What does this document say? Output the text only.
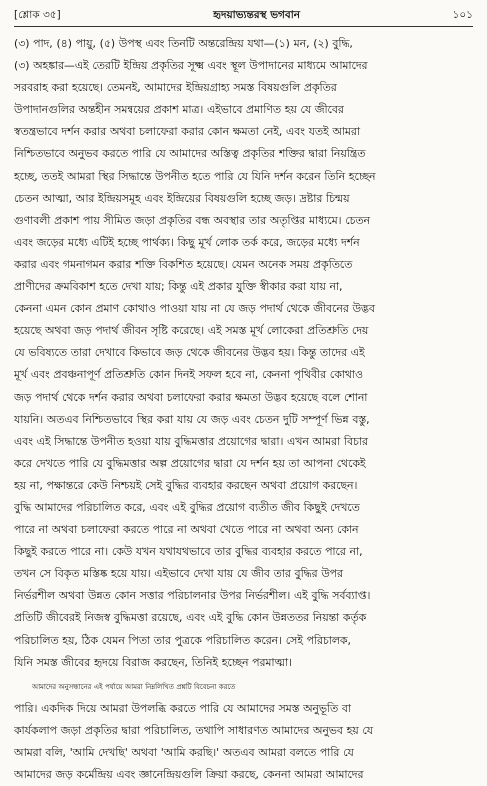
[শ্লোক ৩৫]	হৃদয়াভ্যন্তরস্থ ভগবান	১০১

(৩) পাদ, (৪) পায়ু, (৫) উপস্থ এবং তিনটি অন্তরেন্দ্রিয় যথা—(১) মন, (২) বুদ্ধি,
(৩) অহঙ্কার—এই তেরটি ইন্দ্রিয় প্রকৃতির সূক্ষ্ম এবং স্থূল উপাদানের মাধ্যমে আমাদের
সরবরাহ করা হয়েছে। তেমনই, আমাদের ইন্দ্রিয়গ্রাহ্য সমস্ত বিষয়গুলি প্রকৃতির
উপাদানগুলির অন্তহীন সমন্বয়ের প্রকাশ মাত্র। এইভাবে প্রমাণিত হয় যে জীবের
স্বতন্ত্রভাবে দর্শন করার অথবা চলাফেরা করার কোন ক্ষমতা নেই, এবং যতই আমরা
নিশ্চিতভাবে অনুভব করতে পারি যে আমাদের অস্তিত্ব প্রকৃতির শক্তির দ্বারা নিয়ন্ত্রিত
হচ্ছে, ততই আমরা স্থির সিদ্ধান্তে উপনীত হতে পারি যে যিনি দর্শন করেন তিনি হচ্ছেন
চেতন আত্মা, আর ইন্দ্রিয়সমূহ এবং ইন্দ্রিয়ের বিষয়গুলি হচ্ছে জড়। দ্রষ্টার চিন্ময়
গুণাবলী প্রকাশ পায় সীমিত জড়া প্রকৃতির বন্ধ অবস্থার তার অতৃপ্তির মাধ্যমে। চেতন
এবং জড়ের মধ্যে এটিই হচ্ছে পার্থক্য। কিছু মূর্খ লোক তর্ক করে, জড়ের মধ্যে দর্শন
করার এবং গমনাগমন করার শক্তি বিকশিত হয়েছে। যেমন অনেক সময় প্রকৃতিতে
প্রাণীদের ক্রমবিকাশ হতে দেখা যায়; কিন্তু এই প্রকার যুক্তি স্বীকার করা যায় না,
কেননা এমন কোন প্রমাণ কোথাও পাওয়া যায় না যে জড় পদার্থ থেকে জীবনের উদ্ভব
হয়েছে অথবা জড় পদার্থ জীবন সৃষ্টি করেছে। এই সমস্ত মূর্খ লোকেরা প্রতিশ্রুতি দেয়
যে ভবিষ্যতে তারা দেখাবে কিভাবে জড় থেকে জীবনের উদ্ভব হয়। কিন্তু তাদের এই
মূর্খ এবং প্রবঞ্চনাপূর্ণ প্রতিশ্রুতি কোন দিনই সফল হবে না, কেননা পৃথিবীর কোথাও
জড় পদার্থ থেকে দর্শন করার অথবা চলাফেরা করার ক্ষমতা উদ্ভব হয়েছে বলে শোনা
যায়নি। অতএব নিশ্চিতভাবে স্থির করা যায় যে জড় এবং চেতন দুটি সম্পূর্ণ ভিন্ন বস্তু,
এবং এই সিদ্ধান্তে উপনীত হওয়া যায় বুদ্ধিমত্তার প্রয়োগের দ্বারা। এখন আমরা বিচার
করে দেখতে পারি যে বুদ্ধিমত্তার অল্প প্রয়োগের দ্বারা যে দর্শন হয় তা আপনা থেকেই
হয় না, পক্ষান্তরে কেউ নিশ্চয়ই সেই বুদ্ধির ব্যবহার করছেন অথবা প্রয়োগ করছেন।
বুদ্ধি আমাদের পরিচালিত করে, এবং এই বুদ্ধির প্রয়োগ ব্যতীত জীব কিছুই দেখতে
পারে না অথবা চলাফেরা করতে পারে না অথবা খেতে পারে না অথবা অন্য কোন
কিছুই করতে পারে না। কেউ যখন যথাযথভাবে তার বুদ্ধির ব্যবহার করতে পারে না,
তখন সে বিকৃত মস্তিষ্ক হয়ে যায়। এইভাবে দেখা যায় যে জীব তার বুদ্ধির উপর
নির্ভরশীল অথবা উন্নত কোন সত্তার পরিচালনার উপর নির্ভরশীল। এই বুদ্ধি সর্বব্যাপ্ত।
প্রতিটি জীবেরই নিজস্ব বুদ্ধিমত্তা রয়েছে, এবং এই বুদ্ধি কোন উন্নততর নিয়ন্তা কর্তৃক
পরিচালিত হয়, ঠিক যেমন পিতা তার পুত্রকে পরিচালিত করেন। সেই পরিচালক,
যিনি সমস্ত জীবের হৃদয়ে বিরাজ করছেন, তিনিই হচ্ছেন পরমাত্মা।

আমাদের অনুসন্ধানের এই পর্যায়ে আমরা নিম্নলিখিত প্রশ্নটি বিবেচনা করতে
পারি। একদিক দিয়ে আমরা উপলব্ধি করতে পারি যে আমাদের সমস্ত অনুভূতি বা
কার্যকলাপ জড়া প্রকৃতির দ্বারা পরিচালিত, তথাপি সাধারণত আমাদের অনুভব হয় যে
আমরা বলি, 'আমি দেখছি' অথবা 'আমি করছি।' অতএব আমরা বলতে পারি যে
আমাদের জড় কর্মেন্দ্রিয় এবং জ্ঞানেন্দ্রিয়গুলি ক্রিয়া করছে, কেননা আমরা আমাদের
